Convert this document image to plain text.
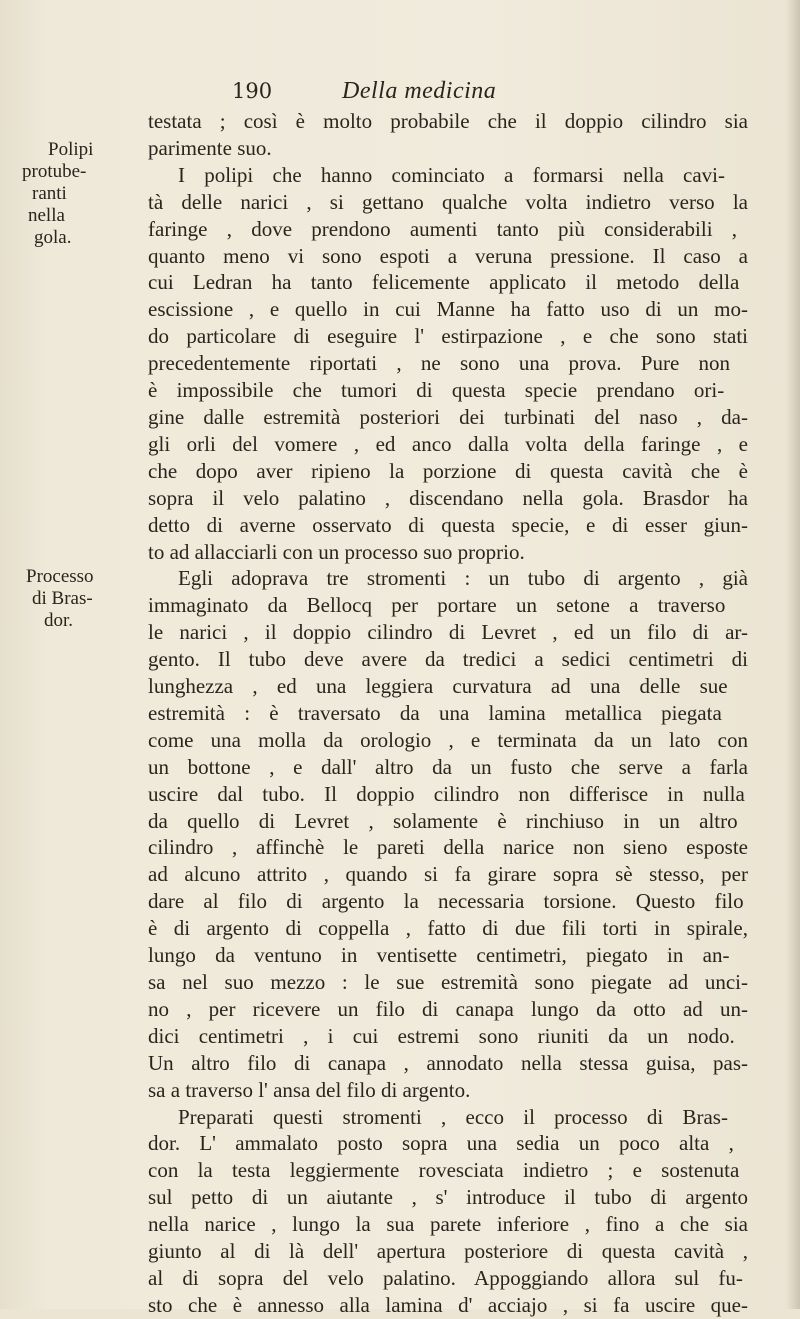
190	Della medicina
Polipi
protube-
ranti
nella
gola.
Processo
di Bras-
dor.
testata ; così è molto probabile che il doppio cilindro sia
parimente suo.
I polipi che hanno cominciato a formarsi nella cavi-
tà delle narici , si gettano qualche volta indietro verso la
faringe , dove prendono aumenti tanto più considerabili ,
quanto meno vi sono espoti a veruna pressione. Il caso a
cui Ledran ha tanto felicemente applicato il metodo della
escissione , e quello in cui Manne ha fatto uso di un mo-
do particolare di eseguire l' estirpazione , e che sono stati
precedentemente riportati , ne sono una prova. Pure non
è impossibile che tumori di questa specie prendano ori-
gine dalle estremità posteriori dei turbinati del naso , da-
gli orli del vomere , ed anco dalla volta della faringe , e
che dopo aver ripieno la porzione di questa cavità che è
sopra il velo palatino , discendano nella gola. Brasdor ha
detto di averne osservato di questa specie, e di esser giun-
to ad allacciarli con un processo suo proprio.
Egli adoprava tre stromenti : un tubo di argento , già
immaginato da Bellocq per portare un setone a traverso
le narici , il doppio cilindro di Levret , ed un filo di ar-
gento. Il tubo deve avere da tredici a sedici centimetri di
lunghezza , ed una leggiera curvatura ad una delle sue
estremità : è traversato da una lamina metallica piegata
come una molla da orologio , e terminata da un lato con
un bottone , e dall' altro da un fusto che serve a farla
uscire dal tubo. Il doppio cilindro non differisce in nulla
da quello di Levret , solamente è rinchiuso in un altro
cilindro , affinchè le pareti della narice non sieno esposte
ad alcuno attrito , quando si fa girare sopra sè stesso, per
dare al filo di argento la necessaria torsione. Questo filo
è di argento di coppella , fatto di due fili torti in spirale,
lungo da ventuno in ventisette centimetri, piegato in an-
sa nel suo mezzo : le sue estremità sono piegate ad unci-
no , per ricevere un filo di canapa lungo da otto ad un-
dici centimetri , i cui estremi sono riuniti da un nodo.
Un altro filo di canapa , annodato nella stessa guisa, pas-
sa a traverso l' ansa del filo di argento.
Preparati questi stromenti , ecco il processo di Bras-
dor. L' ammalato posto sopra una sedia un poco alta ,
con la testa leggiermente rovesciata indietro ; e sostenuta
sul petto di un aiutante , s' introduce il tubo di argento
nella narice , lungo la sua parete inferiore , fino a che sia
giunto al di là dell' apertura posteriore di questa cavità ,
al di sopra del velo palatino. Appoggiando allora sul fu-
sto che è annesso alla lamina d' acciajo , si fa uscire que-
